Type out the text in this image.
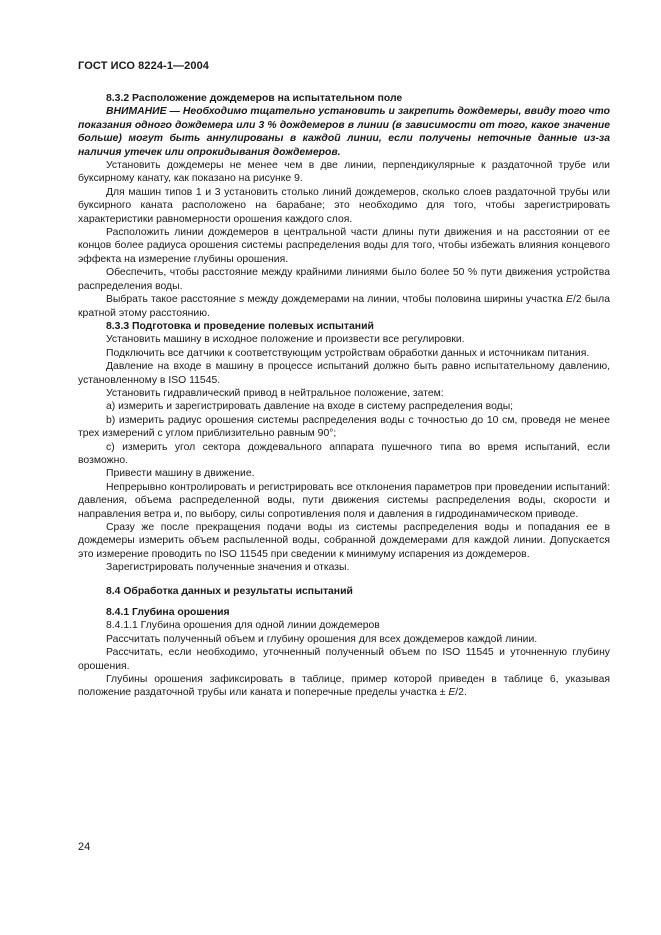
ГОСТ ИСО 8224-1—2004

8.3.2 Расположение дождемеров на испытательном поле

ВНИМАНИЕ — Необходимо тщательно установить и закрепить дождемеры, ввиду того что показания одного дождемера или 3 % дождемеров в линии (в зависимости от того, какое значение больше) могут быть аннулированы в каждой линии, если получены неточные данные из-за наличия утечек или опрокидывания дождемеров.

Установить дождемеры не менее чем в две линии, перпендикулярные к раздаточной трубе или буксирному канату, как показано на рисунке 9.

Для машин типов 1 и 3 установить столько линий дождемеров, сколько слоев раздаточной трубы или буксирного каната расположено на барабане; это необходимо для того, чтобы зарегистрировать характеристики равномерности орошения каждого слоя.

Расположить линии дождемеров в центральной части длины пути движения и на расстоянии от ее концов более радиуса орошения системы распределения воды для того, чтобы избежать влияния концевого эффекта на измерение глубины орошения.

Обеспечить, чтобы расстояние между крайними линиями было более 50 % пути движения устройства распределения воды.

Выбрать такое расстояние s между дождемерами на линии, чтобы половина ширины участка E/2 была кратной этому расстоянию.

8.3.3 Подготовка и проведение полевых испытаний

Установить машину в исходное положение и произвести все регулировки.

Подключить все датчики к соответствующим устройствам обработки данных и источникам питания.

Давление на входе в машину в процессе испытаний должно быть равно испытательному давлению, установленному в ISO 11545.

Установить гидравлический привод в нейтральное положение, затем:

а) измерить и зарегистрировать давление на входе в систему распределения воды;

b) измерить радиус орошения системы распределения воды с точностью до 10 см, проведя не менее трех измерений с углом приблизительно равным 90°;

с) измерить угол сектора дождевального аппарата пушечного типа во время испытаний, если возможно.

Привести машину в движение.

Непрерывно контролировать и регистрировать все отклонения параметров при проведении испытаний: давления, объема распределенной воды, пути движения системы распределения воды, скорости и направления ветра и, по выбору, силы сопротивления поля и давления в гидродинамическом приводе.

Сразу же после прекращения подачи воды из системы распределения воды и попадания ее в дождемеры измерить объем распыленной воды, собранной дождемерами для каждой линии. Допускается это измерение проводить по ISO 11545 при сведении к минимуму испарения из дождемеров.

Зарегистрировать полученные значения и отказы.

8.4 Обработка данных и результаты испытаний

8.4.1 Глубина орошения

8.4.1.1 Глубина орошения для одной линии дождемеров

Рассчитать полученный объем и глубину орошения для всех дождемеров каждой линии.

Рассчитать, если необходимо, уточненный полученный объем по ISO 11545 и уточненную глубину орошения.

Глубины орошения зафиксировать в таблице, пример которой приведен в таблице 6, указывая положение раздаточной трубы или каната и поперечные пределы участка ± E/2.

24
